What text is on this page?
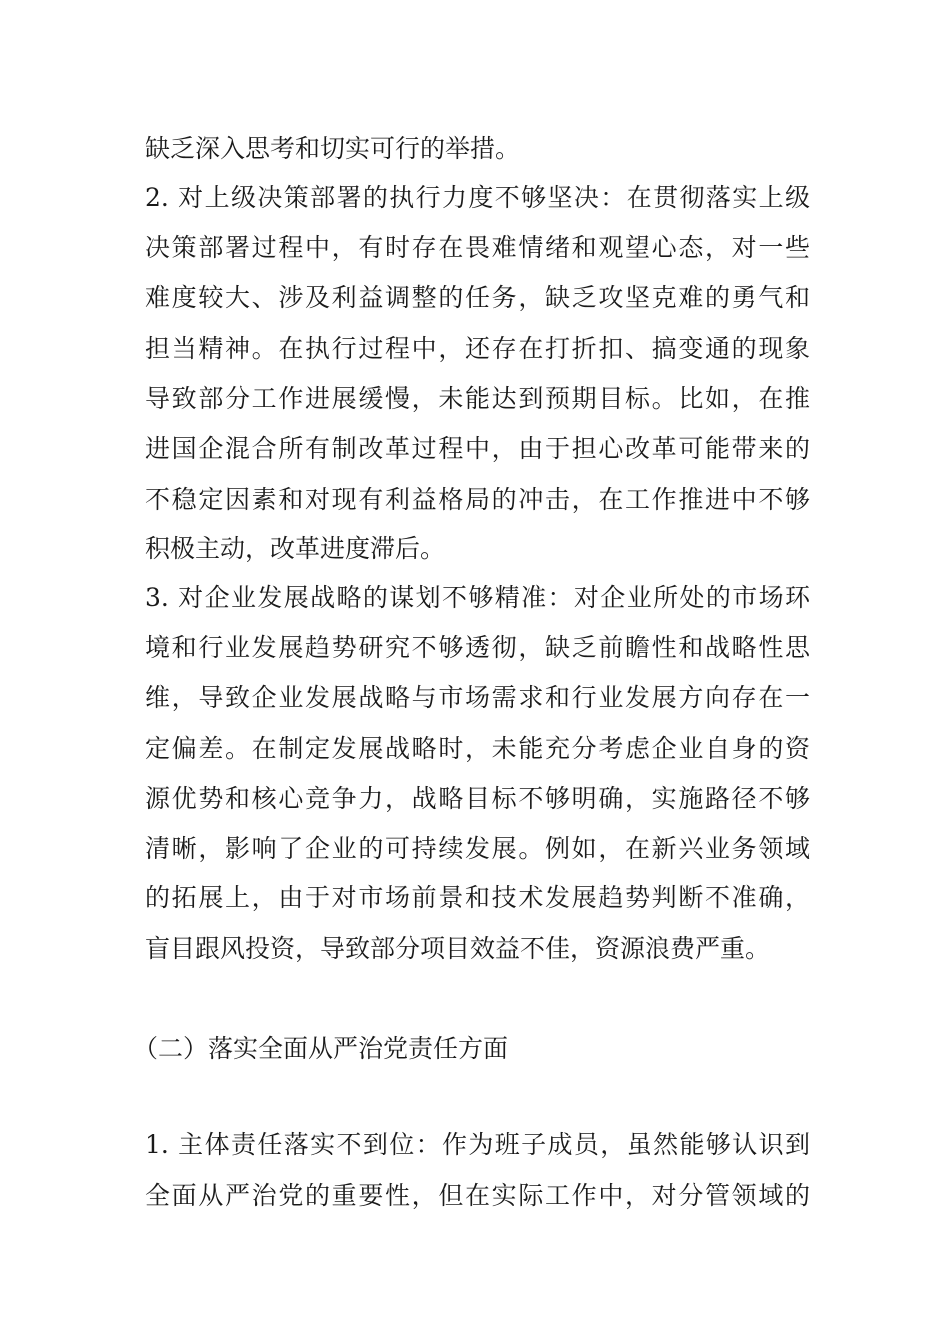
缺乏深入思考和切实可行的举措。
2. 对上级决策部署的执行力度不够坚决：在贯彻落实上级
决策部署过程中，有时存在畏难情绪和观望心态，对一些
难度较大、涉及利益调整的任务，缺乏攻坚克难的勇气和
担当精神。在执行过程中，还存在打折扣、搞变通的现象
导致部分工作进展缓慢，未能达到预期目标。比如，在推
进国企混合所有制改革过程中，由于担心改革可能带来的
不稳定因素和对现有利益格局的冲击，在工作推进中不够
积极主动，改革进度滞后。
3. 对企业发展战略的谋划不够精准：对企业所处的市场环
境和行业发展趋势研究不够透彻，缺乏前瞻性和战略性思
维，导致企业发展战略与市场需求和行业发展方向存在一
定偏差。在制定发展战略时，未能充分考虑企业自身的资
源优势和核心竞争力，战略目标不够明确，实施路径不够
清晰，影响了企业的可持续发展。例如，在新兴业务领域
的拓展上，由于对市场前景和技术发展趋势判断不准确，
盲目跟风投资，导致部分项目效益不佳，资源浪费严重。
（二）落实全面从严治党责任方面
1. 主体责任落实不到位：作为班子成员，虽然能够认识到
全面从严治党的重要性，但在实际工作中，对分管领域的
